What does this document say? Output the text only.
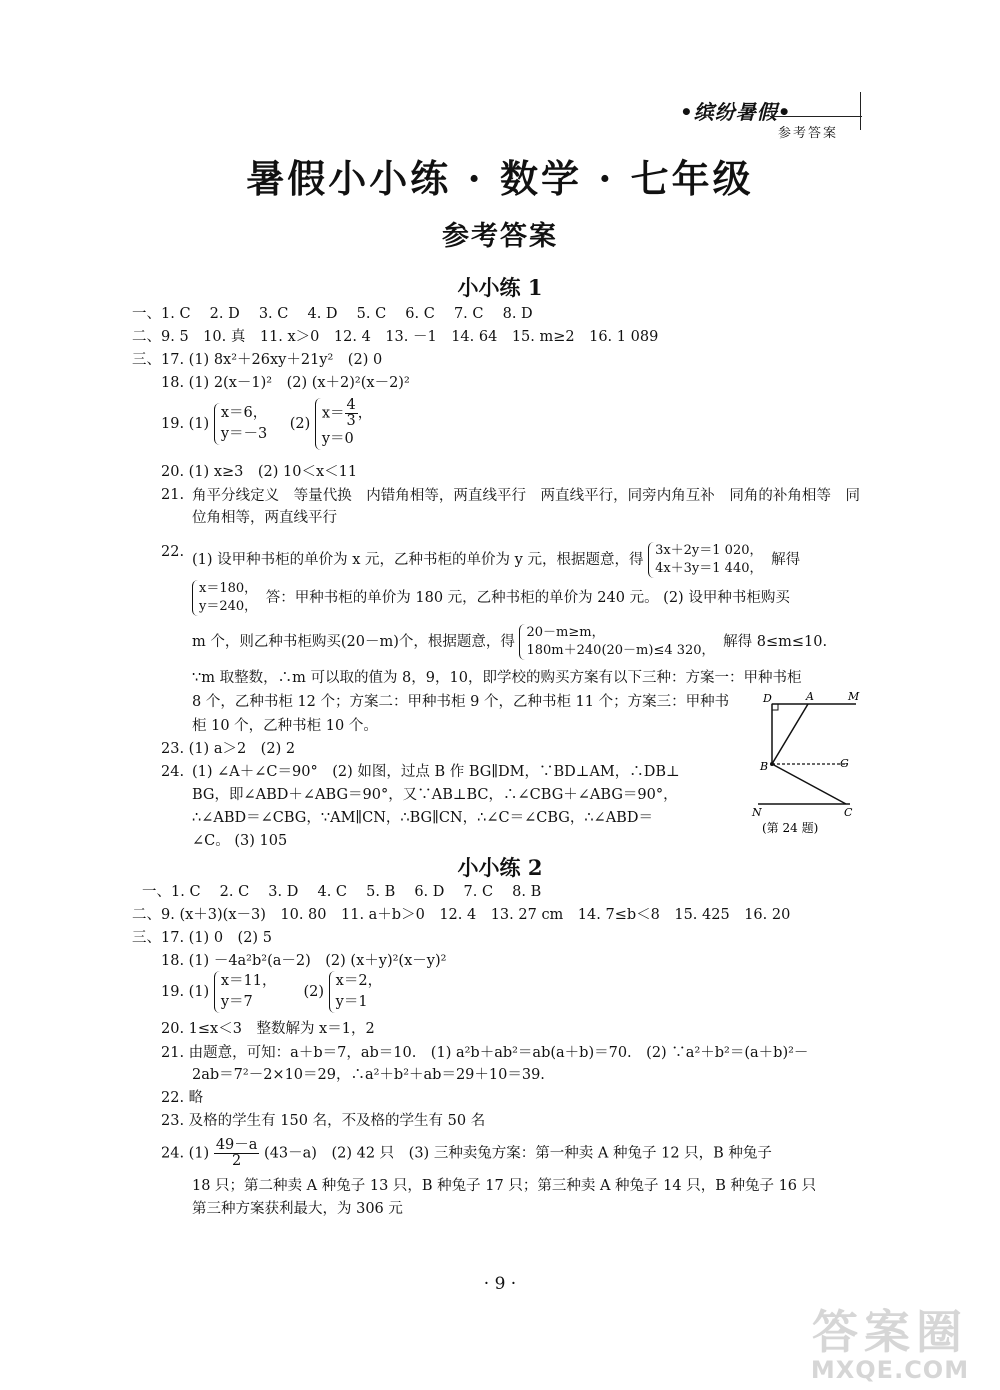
•缤纷暑假•
参考答案
暑假小小练 · 数学 · 七年级
参考答案
小小练 1
一、1. C　 2. D　 3. C　 4. D　 5. C　 6. C　 7. C　 8. D
二、9. 5　10. 真　11. x＞0　12. 4　13. －1　14. 64　15. m≥2　16. 1 089
三、17. (1) 8x²＋26xy＋21y²　(2) 0
18. (1) 2(x－1)²　(2) (x＋2)²(x－2)²
19. (1) x＝6，
y＝－3    (2) $x= \frac{4}{3}$ ，
y＝0
20. (1) x≥3　(2) 10＜x＜11
21. 角平分线定义　等量代换　内错角相等，两直线平行　两直线平行，同旁内角互补　同角的补角相等　同位角相等，两直线平行
22. (1) 设甲种书柜的单价为 x 元，乙种书柜的单价为 y 元，根据题意，得 3x＋2y＝1 020，
4x＋3y＝1 440， 解得
x＝180，
y＝240， 答：甲种书柜的单价为 180 元，乙种书柜的单价为 240 元。 (2) 设甲种书柜购买
m 个，则乙种书柜购买(20－m)个，根据题意，得 20－m≥m，
180m＋240(20－m)≤4 320， 解得 8≤m≤10.
∵m 取整数，∴m 可以取的值为 8，9，10，即学校的购买方案有以下三种：方案一：甲种书柜
8 个，乙种书柜 12 个；方案二：甲种书柜 9 个，乙种书柜 11 个；方案三：甲种书
柜 10 个，乙种书柜 10 个。
23. (1) a＞2　(2) 2
24. (1) ∠A＋∠C＝90°　(2) 如图，过点 B 作 BG∥DM，∵BD⊥AM，∴DB⊥
BG，即∠ABD＋∠ABG＝90°，又∵AB⊥BC，∴∠CBG＋∠ABG＝90°，
∴∠ABD＝∠CBG，∵AM∥CN，∴BG∥CN，∴∠C＝∠CBG，∴∠ABD＝
∠C。 (3) 105
D	A	M
B	G
N	C
(第 24 题)
小小练 2
一、1. C　 2. C　 3. D　 4. C　 5. B　 6. D　 7. C　 8. B
二、9. (x＋3)(x－3)　10. 80　11. a＋b＞0　12. 4　13. 27 cm　14. 7≤b＜8　15. 425　16. 20
三、17. (1) 0　(2) 5
18. (1) －4a²b²(a－2)　(2) (x＋y)²(x－y)²
19. (1) x＝11，
y＝7     (2) x＝2，
y＝1
20. 1≤x＜3　整数解为 x＝1，2
21. 由题意，可知：a＋b＝7，ab＝10.　(1) a²b＋ab²＝ab(a＋b)＝70.　(2) ∵a²＋b²＝(a＋b)²－
2ab＝7²－2×10＝29，∴a²＋b²＋ab＝29＋10＝39.
22. 略
23. 及格的学生有 150 名，不及格的学生有 50 名
24. $(1) \frac{49-a}{2} (43-a)$　(2) 42 只　(3) 三种卖兔方案：第一种卖 A 种兔子 12 只，B 种兔子
18 只；第二种卖 A 种兔子 13 只，B 种兔子 17 只；第三种卖 A 种兔子 14 只，B 种兔子 16 只
第三种方案获利最大，为 306 元
· 9 ·
答案圈
MXQE.COM
